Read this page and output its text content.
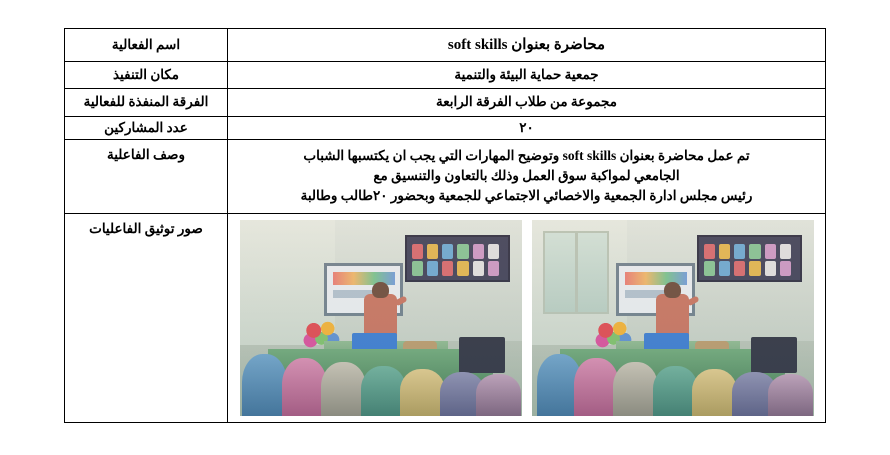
محاضرة بعنوان soft skills	اسم الفعالية
جمعية حماية البيئة والتنمية	مكان التنفيذ
مجموعة من طلاب الفرقة الرابعة	الفرقة المنفذة للفعالية
٢٠	عدد المشاركين

تم عمل محاضرة بعنوان soft skills وتوضيح المهارات التي يجب ان يكتسبها الشباب
الجامعي لمواكبة سوق العمل وذلك بالتعاون والتنسيق مع
رئيس مجلس ادارة الجمعية والاخصائي الاجتماعي للجمعية وبحضور ٢٠طالب وطالبة	وصف الفاعلية

	صور توثيق الفاعليات
